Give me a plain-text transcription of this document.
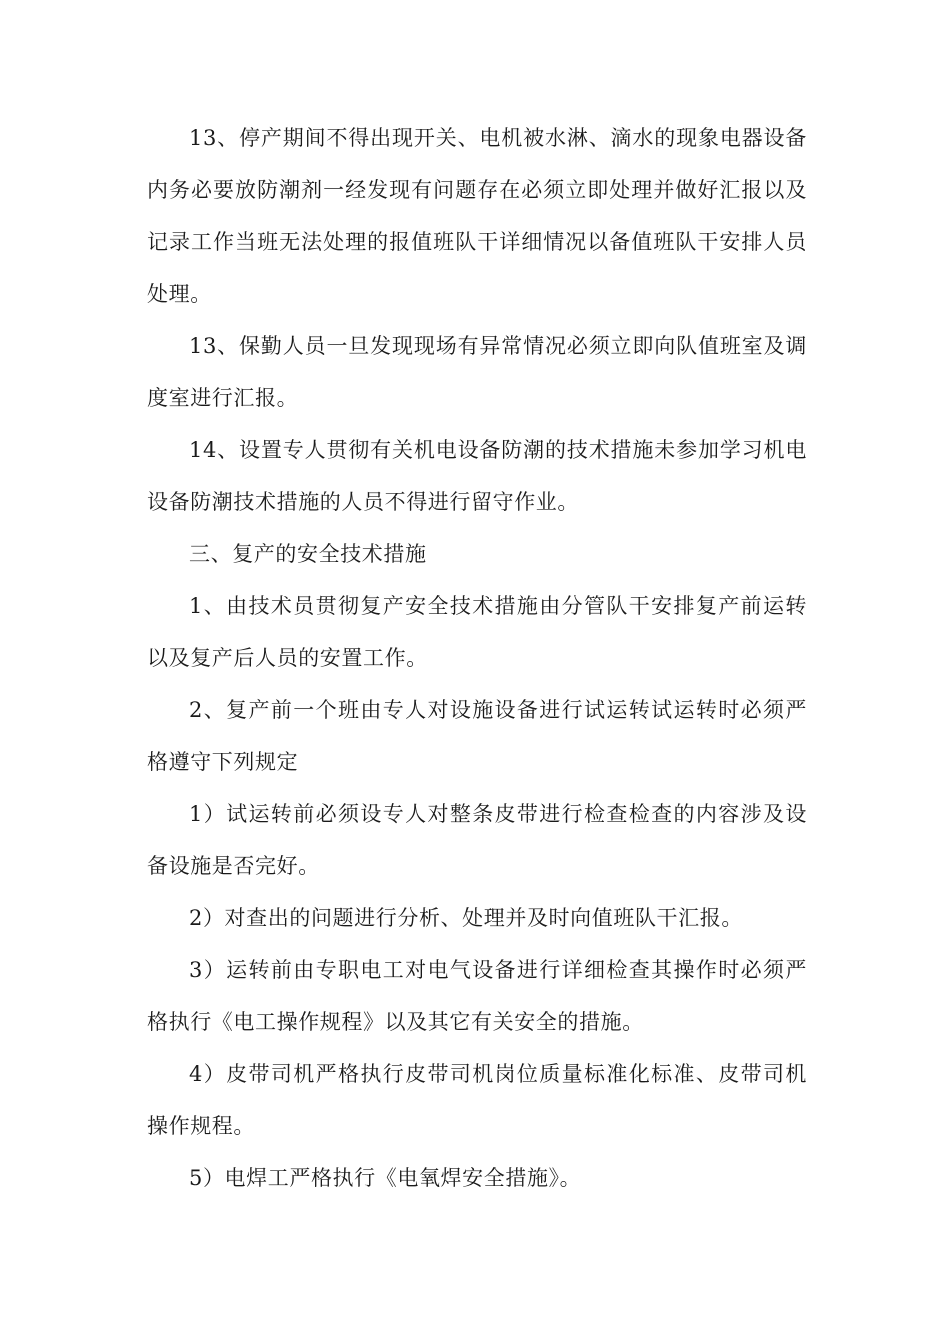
13、停产期间不得出现开关、电机被水淋、滴水的现象电器设备内务必要放防潮剂一经发现有问题存在必须立即处理并做好汇报以及记录工作当班无法处理的报值班队干详细情况以备值班队干安排人员处理。

13、保勤人员一旦发现现场有异常情况必须立即向队值班室及调度室进行汇报。

14、设置专人贯彻有关机电设备防潮的技术措施未参加学习机电设备防潮技术措施的人员不得进行留守作业。

三、复产的安全技术措施

1、由技术员贯彻复产安全技术措施由分管队干安排复产前运转以及复产后人员的安置工作。

2、复产前一个班由专人对设施设备进行试运转试运转时必须严格遵守下列规定

1）试运转前必须设专人对整条皮带进行检查检查的内容涉及设备设施是否完好。

2）对查出的问题进行分析、处理并及时向值班队干汇报。

3）运转前由专职电工对电气设备进行详细检查其操作时必须严格执行《电工操作规程》以及其它有关安全的措施。

4）皮带司机严格执行皮带司机岗位质量标准化标准、皮带司机操作规程。

5）电焊工严格执行《电氧焊安全措施》。
